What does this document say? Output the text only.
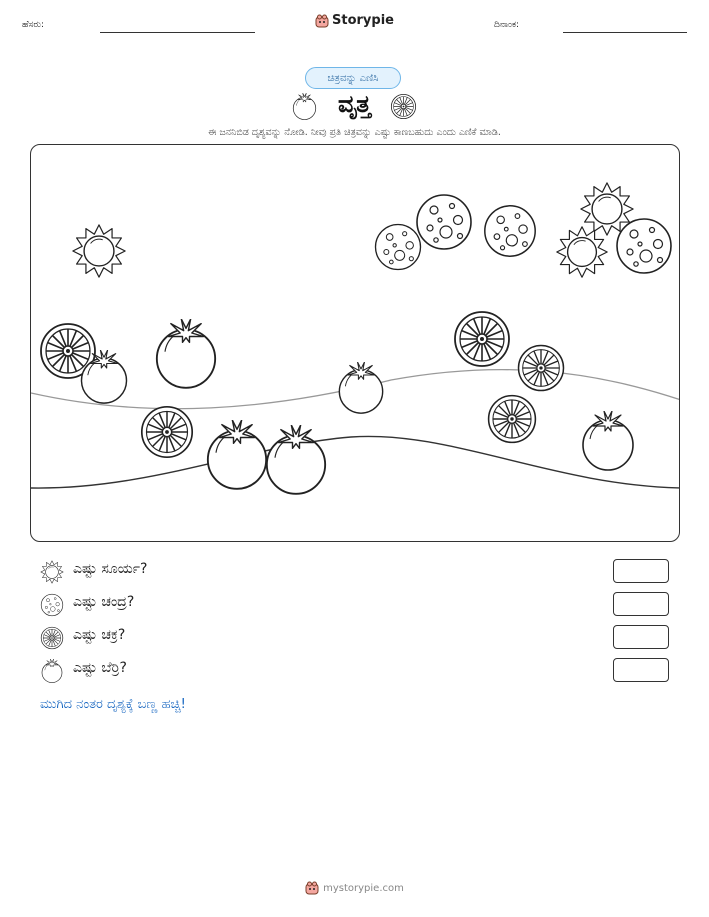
ಹೆಸರು:	Storypie	ದಿನಾಂಕ:
ಚಿತ್ರವನ್ನು ಎಣಿಸಿ
ವೃತ್ತ
ಈ ಜನನಿಬಿಡ ದೃಶ್ಯವನ್ನು ನೋಡಿ. ನೀವು ಪ್ರತಿ ಚಿತ್ರವನ್ನು ಎಷ್ಟು ಕಾಣಬಹುದು ಎಂದು ಎಣಿಕೆ ಮಾಡಿ.
ಎಷ್ಟು ಸೂರ್ಯ?
ಎಷ್ಟು ಚಂದ್ರ?
ಎಷ್ಟು ಚಕ್ರ?
ಎಷ್ಟು ಬೆರ್ರಿ?
ಮುಗಿದ ನಂತರ ದೃಶ್ಯಕ್ಕೆ ಬಣ್ಣ ಹಚ್ಚಿ!
mystorypie.com
